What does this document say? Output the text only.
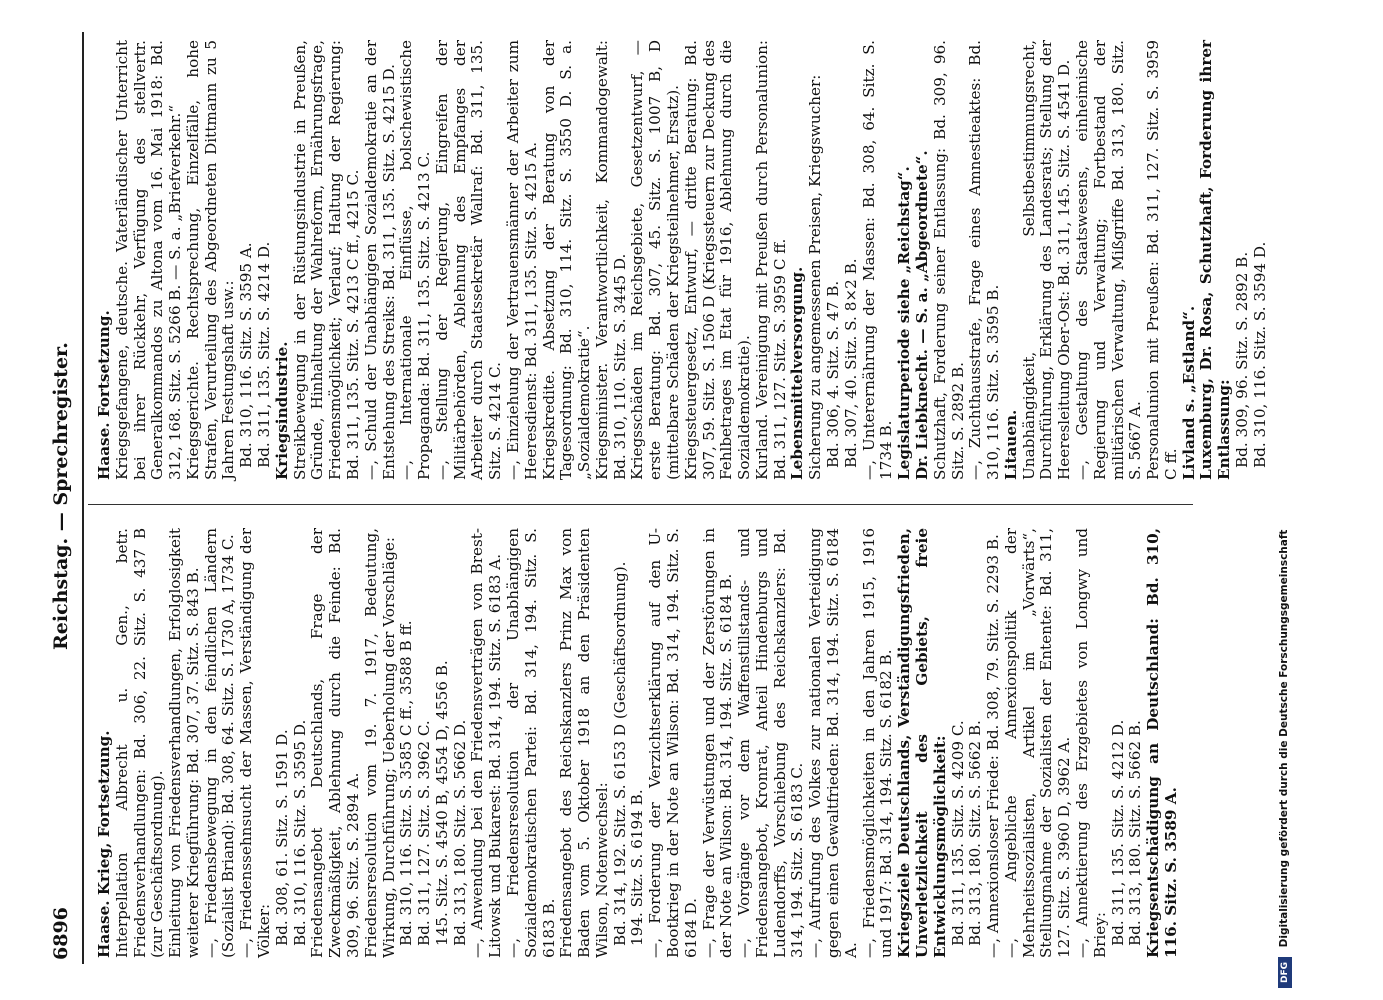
6896
Reichstag. — Sprechregister.

Haase. Krieg, Fortsetzung. Interpellation Albrecht u. Gen., betr. Friedensverhandlungen: Bd. 306, 22. Sitz. S. 437 B (zur Geschäftsordnung). Einleitung von Friedensverhandlungen, Erfolglosigkeit weiterer Kriegführung: Bd. 307, 37. Sitz. S. 843 B. —, Friedensbewegung in den feindlichen Ländern (Sozialist Briand): Bd. 308, 64. Sitz. S. 1730 A, 1734 C. —, Friedenssehnsucht der Massen, Verständigung der Völker: Bd. 308, 61. Sitz. S. 1591 D. Bd. 310, 116. Sitz. S. 3595 D. Friedensangebot Deutschlands, Frage der Zweckmäßigkeit, Ablehnung durch die Feinde: Bd. 309, 96. Sitz. S. 2894 A. Friedensresolution vom 19. 7. 1917, Bedeutung, Wirkung, Durchführung; Ueberholung der Vorschläge: Bd. 310, 116. Sitz. S. 3585 C ff., 3588 B ff. Bd. 311, 127. Sitz. S. 3962 C. 145. Sitz. S. 4540 B, 4554 D, 4556 B. Bd. 313, 180. Sitz. S. 5662 D. —, Anwendung bei den Friedensverträgen von Brest-Litowsk und Bukarest: Bd. 314, 194. Sitz. S. 6183 A. —, Friedensresolution der Unabhängigen Sozialdemokratischen Partei: Bd. 314, 194. Sitz. S. 6183 B. Friedensangebot des Reichskanzlers Prinz Max von Baden vom 5. Oktober 1918 an den Präsidenten Wilson, Notenwechsel: Bd. 314, 192. Sitz. S. 6153 D (Geschäftsordnung). 194. Sitz. S. 6194 B. —, Forderung der Verzichtserklärung auf den U-Bootkrieg in der Note an Wilson: Bd. 314, 194. Sitz. S. 6184 D. —, Frage der Verwüstungen und der Zerstörungen in der Note an Wilson: Bd. 314, 194. Sitz. S. 6184 B. —, Vorgänge vor dem Waffenstillstands- und Friedensangebot, Kronrat, Anteil Hindenburgs und Ludendorffs, Vorschiebung des Reichskanzlers: Bd. 314, 194. Sitz. S. 6183 C. —, Aufrufung des Volkes zur nationalen Verteidigung gegen einen Gewaltfrieden: Bd. 314, 194. Sitz. S. 6184 A. —, Friedensmöglichkeiten in den Jahren 1915, 1916 und 1917: Bd. 314, 194. Sitz. S. 6182 B. Kriegsziele Deutschlands, Verständigungsfrieden, Unverletzlichkeit des Gebiets, freie Entwicklungsmöglichkeit: Bd. 311, 135. Sitz. S. 4209 C. Bd. 313, 180. Sitz. S. 5662 B. —, Annexionsloser Friede: Bd. 308, 79. Sitz. S. 2293 B. —, Angebliche Annexionspolitik der Mehrheitssozialisten, Artikel im „Vorwärts“, Stellungnahme der Sozialisten der Entente: Bd. 311, 127. Sitz. S. 3960 D, 3962 A. —, Annektierung des Erzgebietes von Longwy und Briey: Bd. 311, 135. Sitz. S. 4212 D. Bd. 313, 180. Sitz. S. 5662 B. Kriegsentschädigung an Deutschland: Bd. 310, 116. Sitz. S. 3589 A.

Haase. Fortsetzung. Kriegsgefangene, deutsche. Vaterländischer Unterricht bei ihrer Rückkehr, Verfügung des stellvertr. Generalkommandos zu Altona vom 16. Mai 1918: Bd. 312, 168. Sitz. S. 5266 B. — S. a. „Briefverkehr.“ Kriegsgerichte. Rechtsprechung, Einzelfälle, hohe Strafen, Verurteilung des Abgeordneten Dittmann zu 5 Jahren Festungshaft usw.: Bd. 310, 116. Sitz. S. 3595 A. Bd. 311, 135. Sitz. S. 4214 D. Kriegsindustrie. Streikbewegung in der Rüstungsindustrie in Preußen, Gründe, Hinhaltung der Wahlreform, Ernährungsfrage, Friedensmöglichkeit; Verlauf; Haltung der Regierung: Bd. 311, 135. Sitz. S. 4213 C ff., 4215 C. —, Schuld der Unabhängigen Sozialdemokratie an der Entstehung des Streiks: Bd. 311, 135. Sitz. S. 4215 D. —, Internationale Einflüsse, bolschewistische Propaganda: Bd. 311, 135. Sitz. S. 4213 C. —, Stellung der Regierung, Eingreifen der Militärbehörden, Ablehnung des Empfanges der Arbeiter durch Staatssekretär Wallraf: Bd. 311, 135. Sitz. S. 4214 C. —, Einziehung der Vertrauensmänner der Arbeiter zum Heeresdienst: Bd. 311, 135. Sitz. S. 4215 A. Kriegskredite. Absetzung der Beratung von der Tagesordnung: Bd. 310, 114. Sitz. S. 3550 D. S. a. „Sozialdemokratie“. Kriegsminister. Verantwortlichkeit, Kommandogewalt: Bd. 310, 110. Sitz. S. 3445 D. Kriegsschäden im Reichsgebiete, Gesetzentwurf, — erste Beratung: Bd. 307, 45. Sitz. S. 1007 B, D (mittelbare Schäden der Kriegsteilnehmer, Ersatz). Kriegssteuergesetz, Entwurf, — dritte Beratung: Bd. 307, 59. Sitz. S. 1506 D (Kriegssteuern zur Deckung des Fehlbetrages im Etat für 1916, Ablehnung durch die Sozialdemokratie). Kurland. Vereinigung mit Preußen durch Personalunion: Bd. 311, 127. Sitz. S. 3959 C ff. Lebensmittelversorgung. Sicherung zu angemessenen Preisen, Kriegswucher: Bd. 306, 4. Sitz. S. 47 B. Bd. 307, 40. Sitz. S. 8×2 B. —, Unterernährung der Massen: Bd. 308, 64. Sitz. S. 1734 B. Legislaturperiode siehe „Reichstag“. Dr. Liebknecht. — S. a. „Abgeordnete“. Schutzhaft, Forderung seiner Entlassung: Bd. 309, 96. Sitz. S. 2892 B. —, Zuchthausstrafe, Frage eines Amnestieaktes: Bd. 310, 116. Sitz. S. 3595 B. Litauen. Unabhängigkeit, Selbstbestimmungsrecht, Durchführung, Erklärung des Landesrats; Stellung der Heeresleitung Ober-Ost: Bd. 311, 145. Sitz. S. 4541 D. —, Gestaltung des Staatswesens, einheimische Regierung und Verwaltung; Fortbestand der militärischen Verwaltung, Mißgriffe Bd. 313, 180. Sitz. S. 5667 A. Personalunion mit Preußen: Bd. 311, 127. Sitz. S. 3959 C ff. Livland s. „Estland“. Luxemburg, Dr. Rosa, Schutzhaft, Forderung ihrer Entlassung: Bd. 309, 96. Sitz. S. 2892 B. Bd. 310, 116. Sitz. S. 3594 D.

DFG Digitalisierung gefördert durch die Deutsche Forschungsgemeinschaft
